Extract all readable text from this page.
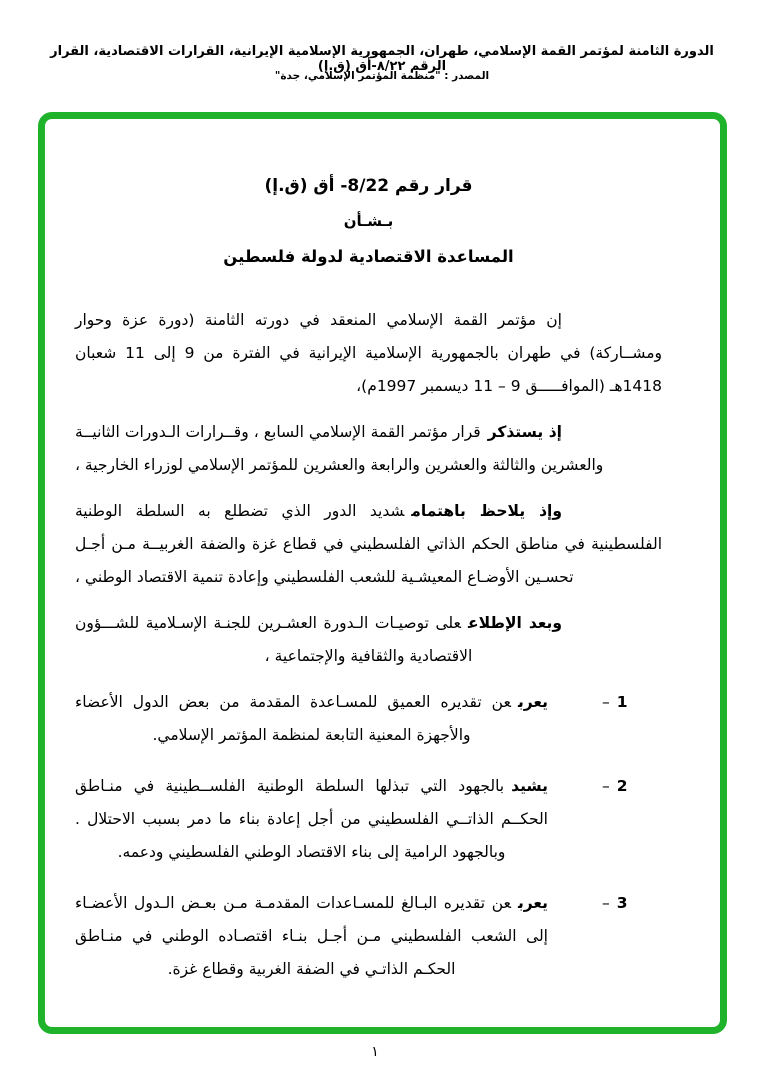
الدورة الثامنة لمؤتمر القمة الإسلامي، طهران، الجمهورية الإسلامية الإيرانية، القرارات الاقتصادية، القرار الرقم ٨/٢٢-أق (ق.إ)
المصدر : "منظمة المؤتمر الإسلامي، جدة"
قرار رقم 8/22- أق (ق.إ)
بـشـأن
المساعدة الاقتصادية لدولة فلسطين

إن مؤتمر القمة الإسلامي المنعقد في دورته الثامنة (دورة عزة وحوار ومشــاركة) في طهران بالجمهورية الإسلامية الإيرانية في الفترة من 9 إلى 11 شعبان 1418هـ (الموافـــــق 9 – 11 ديسمبر 1997م)،

إذ يستذكرقرار مؤتمر القمة الإسلامي السابع ، وقــرارات الـدورات الثانيــة والعشرين والثالثة والعشرين والرابعة والعشرين للمؤتمر الإسلامي لوزراء الخارجية ،

وإذ يلاحظ باهتمامشديد الدور الذي تضطلع به السلطة الوطنية الفلسطينية في مناطق الحكم الذاتي الفلسطيني في قطاع غزة والضفة الغربيــة مـن أجـل تحسـين الأوضـاع المعيشـية للشعب الفلسطيني وإعادة تنمية الاقتصاد الوطني ،

وبعد الإطلاععلى توصيـات الـدورة العشـرين للجنـة الإسـلامية للشـــؤون الاقتصادية والثقافية والإجتماعية ،

– 1
يعربعن تقديره العميق للمسـاعدة المقدمة من بعض الدول الأعضاء والأجهزة المعنية التابعة لمنظمة المؤتمر الإسلامي.
– 2
يشيدبالجهود التي تبذلها السلطة الوطنية الفلســطينية في منـاطق الحكــم الذاتــي الفلسطيني من أجل إعادة بناء ما دمر بسبب الاحتلال . وبالجهود الرامية إلى بناء الاقتصاد الوطني الفلسطيني ودعمه.
– 3
يعربعن تقديره البـالغ للمسـاعدات المقدمـة مـن بعـض الـدول الأعضـاء إلى الشعب الفلسطيني مـن أجـل بنـاء اقتصـاده الوطني في منـاطق الحكـم الذاتـي في الضفة الغربية وقطاع غزة.
١
